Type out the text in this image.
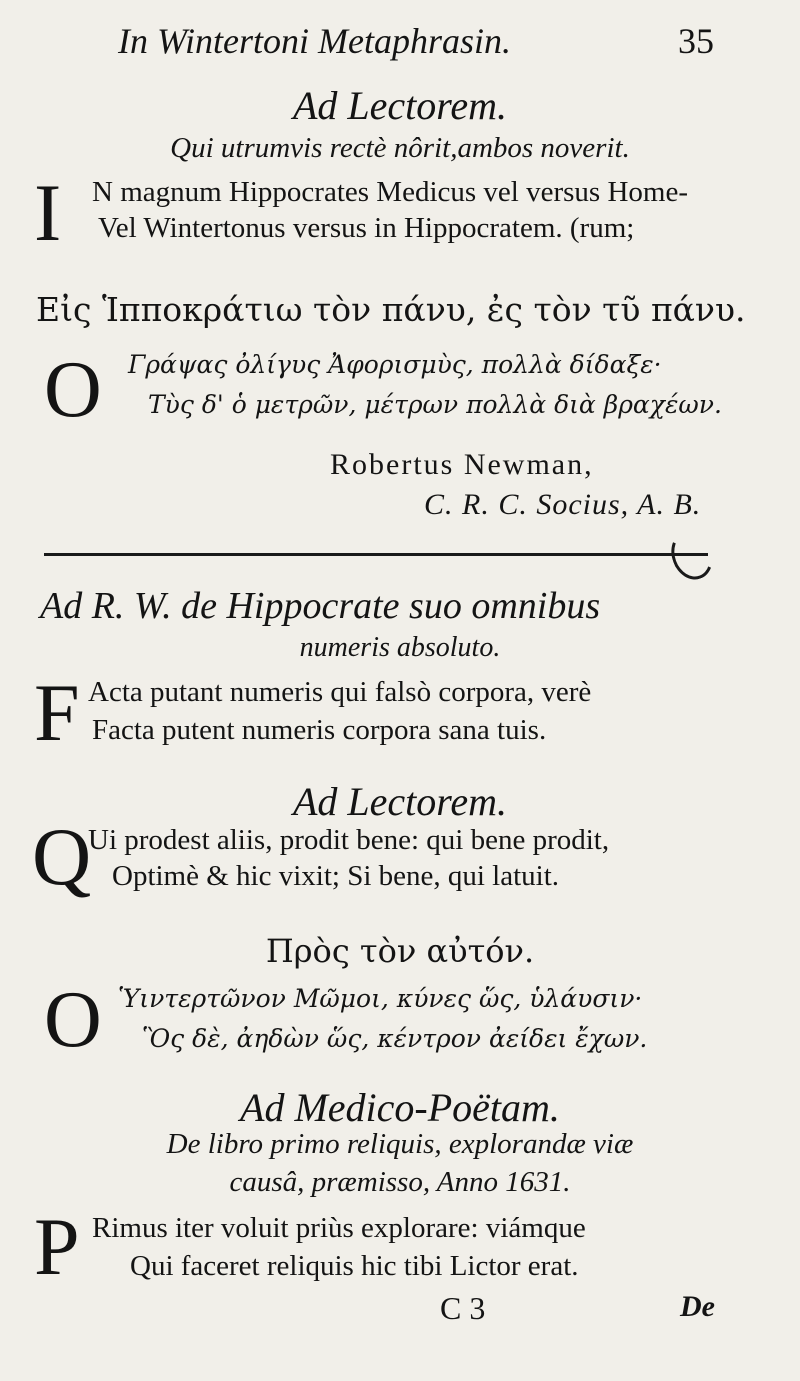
In Wintertoni Metaphrasin.	35
Ad Lectorem.
Qui utrumvis rectè nôrit,ambos noverit.
I N magnum Hippocrates Medicus vel versus Home-
Vel Wintertonus versus in Hippocratem. (rum;
Εἰς Ἱπποκράτιω τὸν πάνυ, ἐς τὸν τῦ πάνυ.
O Γράψας ὀλίγυς Ἀφορισμὺς, πολλὰ δίδαξε·
Τὺς δ' ὁ μετρῶν, μέτρων πολλὰ διὰ βραχέων.
Robertus Newman,
C. R. C. Socius, A. B.
Ad R. W. de Hippocrate suo omnibus
numeris absoluto.
F Acta putant numeris qui falsò corpora, verè
Facta putent numeris corpora sana tuis.
Ad Lectorem.
Q
Ui prodest aliis, prodit bene: qui bene prodit,
Optimè & hic vixit; Si bene, qui latuit.
Πρὸς τὸν αὐτόν.
O Ὑιντερτῶνον Μῶμοι, κύνες ὥς, ὑλάυσιν·
Ὃς δὲ, ἀηδὼν ὥς, κέντρον ἀείδει ἔχων.
Ad Medico-Poëtam.
De libro primo reliquis, explorandæ viæ
causâ, præmisso, Anno 1631.
P Rimus iter voluit priùs explorare: viámque
Qui faceret reliquis hic tibi Lictor erat.
C 3	De
